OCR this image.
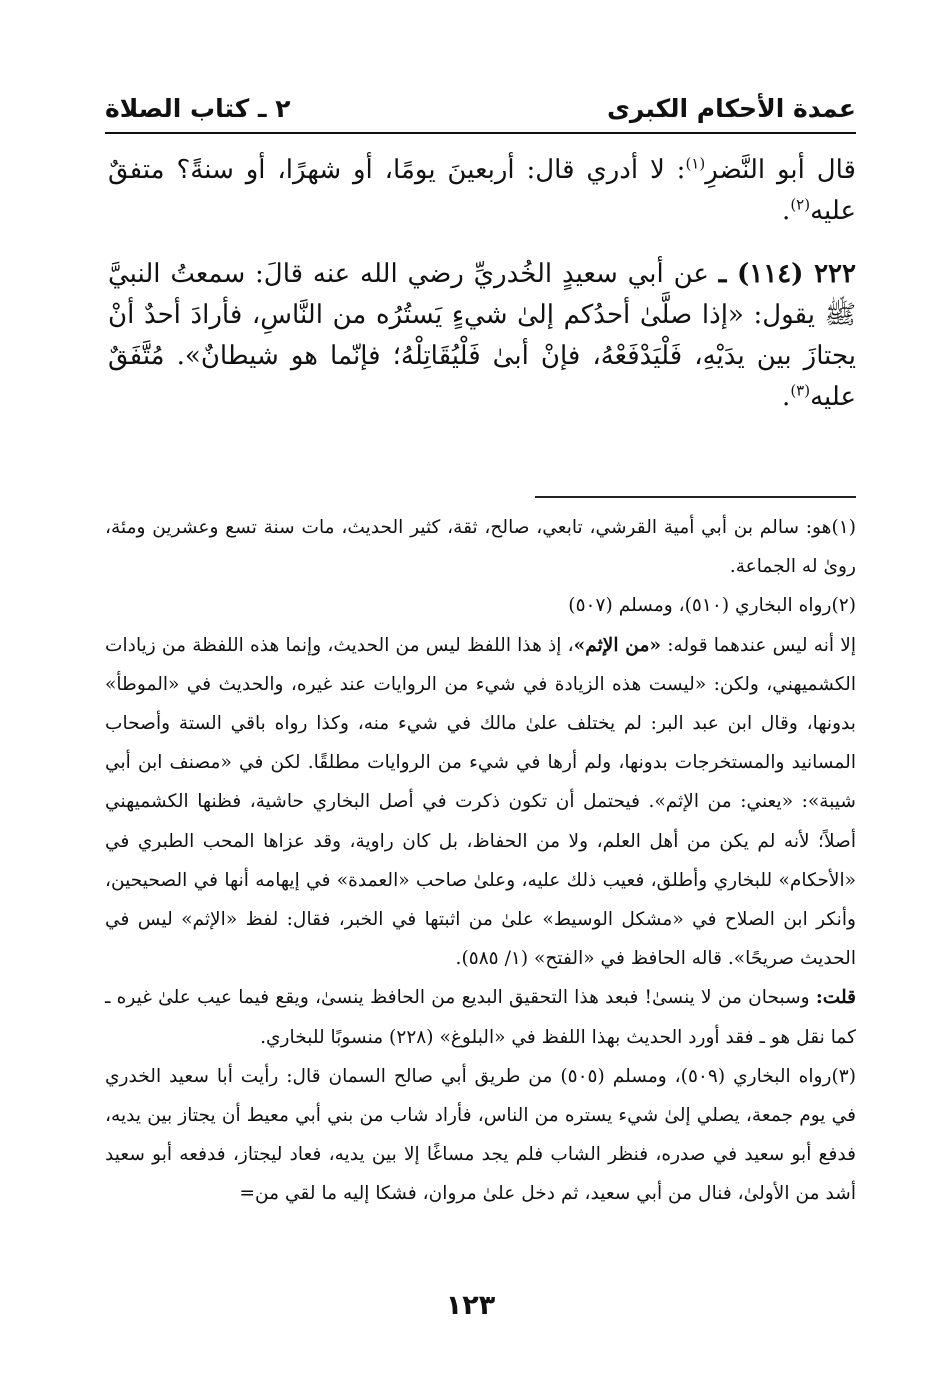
عمدة الأحكام الكبرى
٢ ـ كتاب الصلاة

قال أبو النَّضرِ$^{(١)}$: لا أدري قال: أربعينَ يومًا، أو شهرًا، أو سنةً؟ متفقٌ عليه$^{(٢)}$.

٢٢٢ (١١٤) ـ عن أبي سعيدٍ الخُدريِّ رضي الله عنه قالَ: سمعتُ النبيَّ ﷺ يقول: «إذا صلَّىٰ أحدُكم إلىٰ شيءٍ يَستُرُه من النَّاسِ، فأرادَ أحدٌ أنْ يجتازَ بين يدَيْهِ، فَلْيَدْفَعْهُ، فإنْ أبىٰ فَلْيُقَاتِلْهُ؛ فإنّما هو شيطانٌ». مُتَّفَقٌ عليه$^{(٣)}$.

(١)هو: سالم بن أبي أمية القرشي، تابعي، صالح، ثقة، كثير الحديث، مات سنة تسع وعشرين ومئة، روىٰ له الجماعة.

(٢)رواه البخاري (٥١٠)، ومسلم (٥٠٧)

إلا أنه ليس عندهما قوله: «من الإثم»، إذ هذا اللفظ ليس من الحديث، وإنما هذه اللفظة من زيادات الكشميهني، ولكن: «ليست هذه الزيادة في شيء من الروايات عند غيره، والحديث في «الموطأ» بدونها، وقال ابن عبد البر: لم يختلف علىٰ مالك في شيء منه، وكذا رواه باقي الستة وأصحاب المسانيد والمستخرجات بدونها، ولم أرها في شيء من الروايات مطلقًا. لكن في «مصنف ابن أبي شيبة»: «يعني: من الإثم». فيحتمل أن تكون ذكرت في أصل البخاري حاشية، فظنها الكشميهني أصلاً؛ لأنه لم يكن من أهل العلم، ولا من الحفاظ، بل كان راوية، وقد عزاها المحب الطبري في «الأحكام» للبخاري وأطلق، فعيب ذلك عليه، وعلىٰ صاحب «العمدة» في إيهامه أنها في الصحيحين، وأنكر ابن الصلاح في «مشكل الوسيط» علىٰ من اثبتها في الخبر، فقال: لفظ «الإثم» ليس في الحديث صريحًا». قاله الحافظ في «الفتح» (١/ ٥٨٥).

قلت: وسبحان من لا ينسىٰ! فبعد هذا التحقيق البديع من الحافظ ينسىٰ، ويقع فيما عيب علىٰ غيره ـ كما نقل هو ـ فقد أورد الحديث بهذا اللفظ في «البلوغ» (٢٢٨) منسوبًا للبخاري.

(٣)رواه البخاري (٥٠٩)، ومسلم (٥٠٥) من طريق أبي صالح السمان قال: رأيت أبا سعيد الخدري في يوم جمعة، يصلي إلىٰ شيء يستره من الناس، فأراد شاب من بني أبي معيط أن يجتاز بين يديه، فدفع أبو سعيد في صدره، فنظر الشاب فلم يجد مساغًا إلا بين يديه، فعاد ليجتاز، فدفعه أبو سعيد أشد من الأولىٰ، فنال من أبي سعيد، ثم دخل علىٰ مروان، فشكا إليه ما لقي من=

١٢٣
